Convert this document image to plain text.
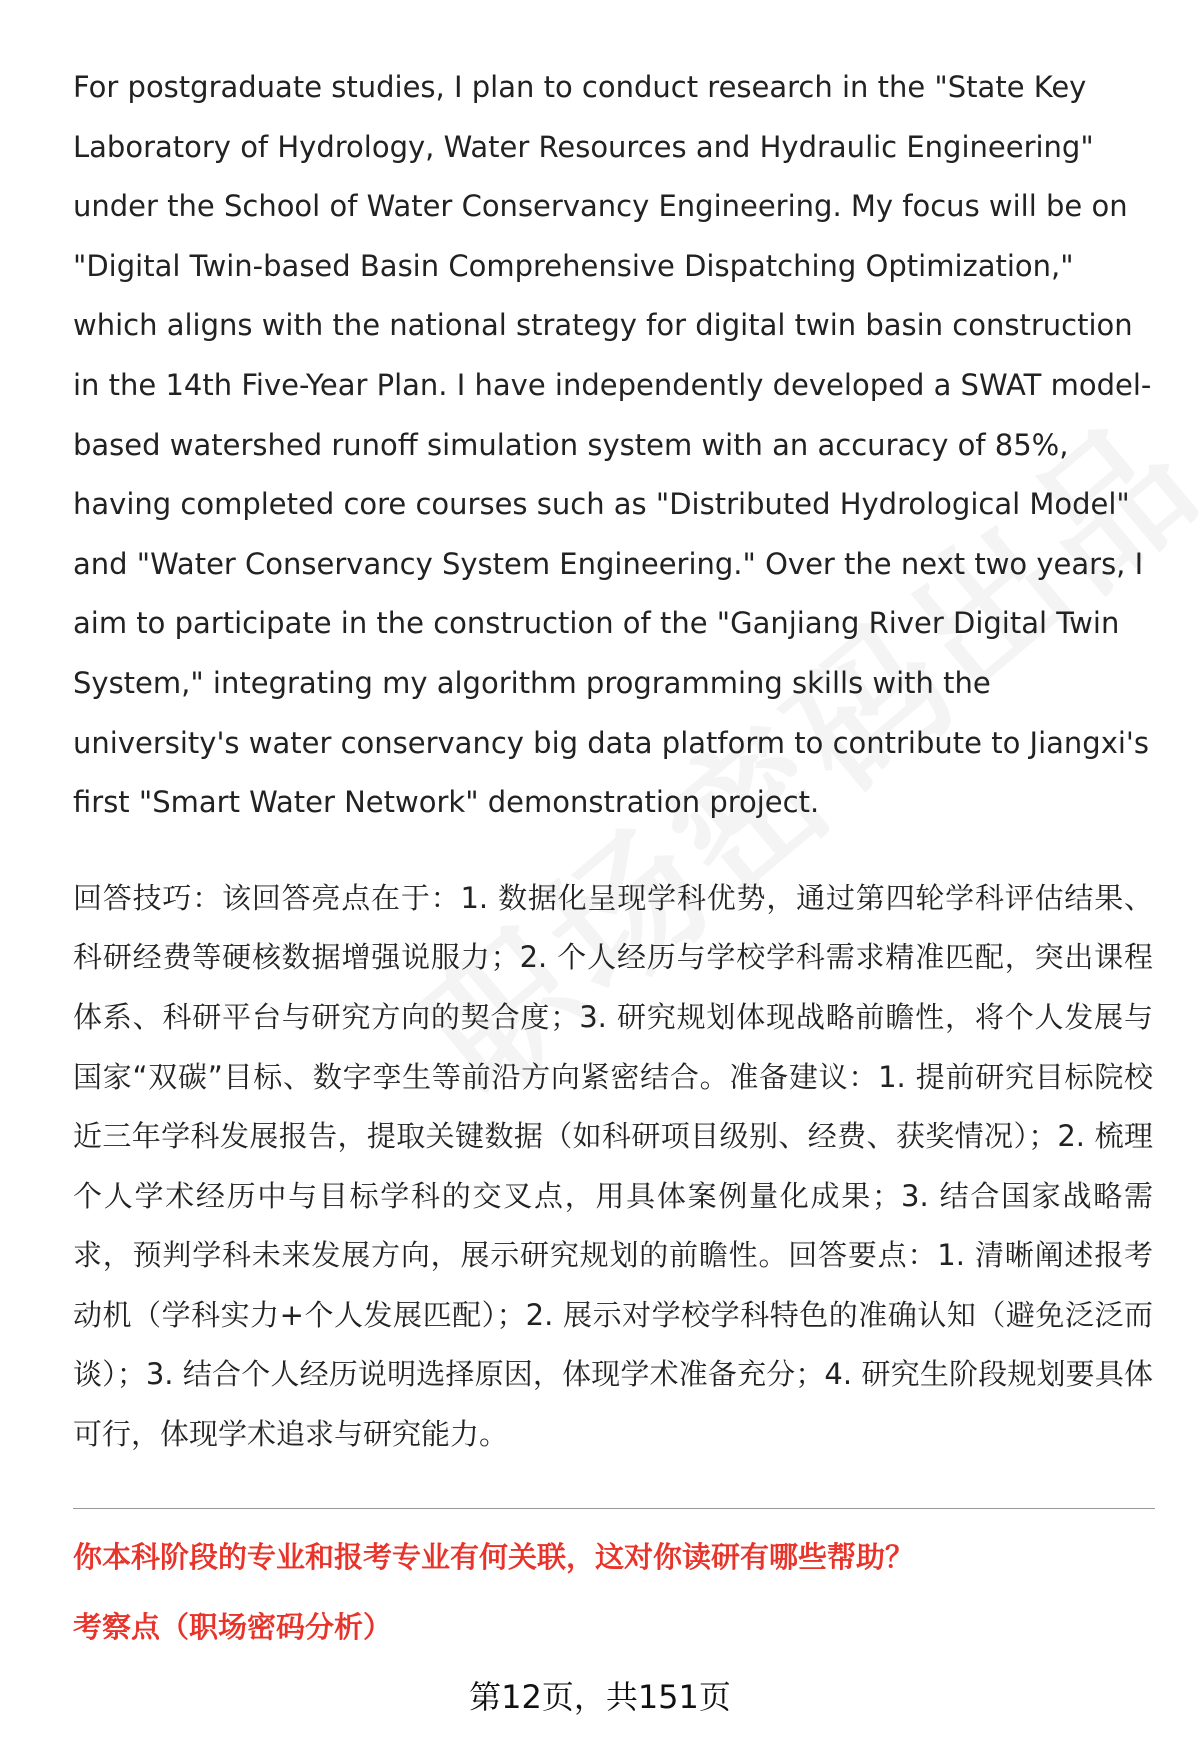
For postgraduate studies, I plan to conduct research in the "State Key Laboratory of Hydrology, Water Resources and Hydraulic Engineering" under the School of Water Conservancy Engineering. My focus will be on "Digital Twin-based Basin Comprehensive Dispatching Optimization," which aligns with the national strategy for digital twin basin construction in the 14th Five-Year Plan. I have independently developed a SWAT model-based watershed runoff simulation system with an accuracy of 85%, having completed core courses such as "Distributed Hydrological Model" and "Water Conservancy System Engineering." Over the next two years, I aim to participate in the construction of the "Ganjiang River Digital Twin System," integrating my algorithm programming skills with the university's water conservancy big data platform to contribute to Jiangxi's first "Smart Water Network" demonstration project.

回答技巧：该回答亮点在于：1. 数据化呈现学科优势，通过第四轮学科评估结果、科研经费等硬核数据增强说服力；2. 个人经历与学校学科需求精准匹配，突出课程体系、科研平台与研究方向的契合度；3. 研究规划体现战略前瞻性，将个人发展与国家“双碳”目标、数字孪生等前沿方向紧密结合。准备建议：1. 提前研究目标院校近三年学科发展报告，提取关键数据（如科研项目级别、经费、获奖情况）；2. 梳理个人学术经历中与目标学科的交叉点，用具体案例量化成果；3. 结合国家战略需求，预判学科未来发展方向，展示研究规划的前瞻性。回答要点：1. 清晰阐述报考动机（学科实力+个人发展匹配）；2. 展示对学校学科特色的准确认知（避免泛泛而谈）；3. 结合个人经历说明选择原因，体现学术准备充分；4. 研究生阶段规划要具体可行，体现学术追求与研究能力。

你本科阶段的专业和报考专业有何关联，这对你读研有哪些帮助？

考察点（职场密码分析）

第12页，共151页
